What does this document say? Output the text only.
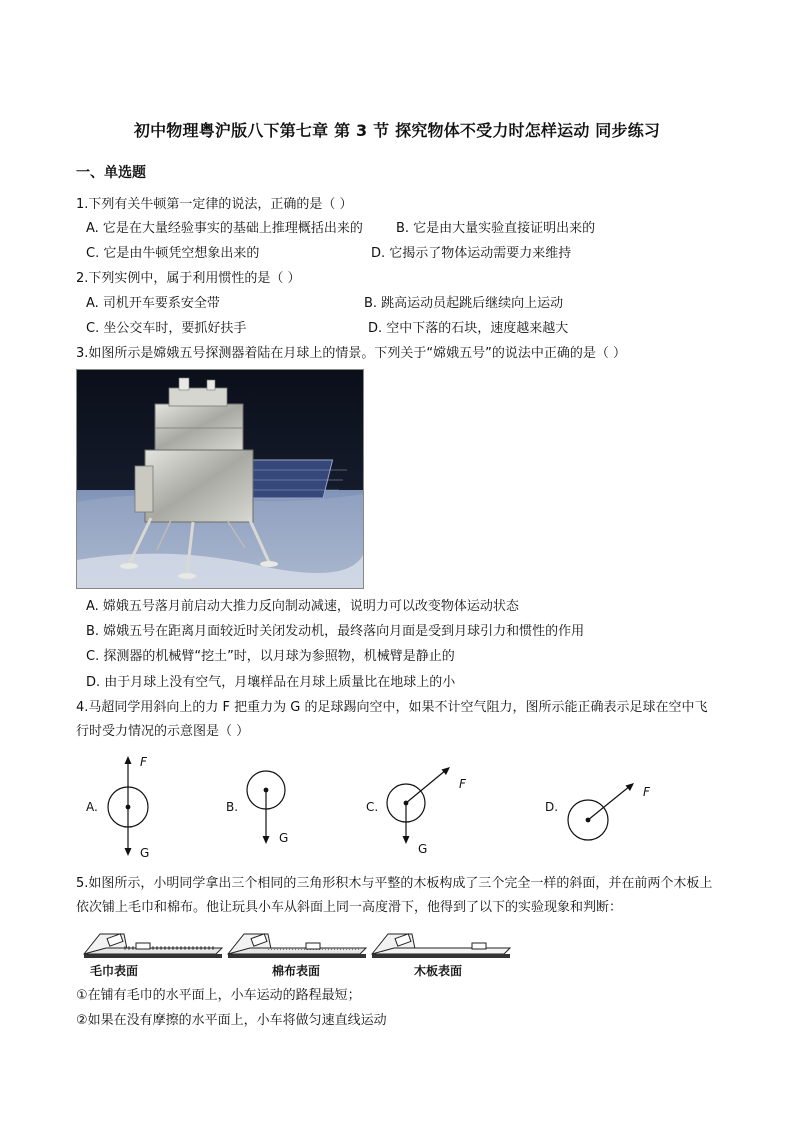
初中物理粤沪版八下第七章 第 3 节 探究物体不受力时怎样运动 同步练习
一、单选题
1.下列有关牛顿第一定律的说法，正确的是（ ）
A. 它是在大量经验事实的基础上推理概括出来的	B. 它是由大量实验直接证明出来的
C. 它是由牛顿凭空想象出来的	D. 它揭示了物体运动需要力来维持
2.下列实例中，属于利用惯性的是（ ）
A. 司机开车要系安全带	B. 跳高运动员起跳后继续向上运动
C. 坐公交车时，要抓好扶手	D. 空中下落的石块，速度越来越大
3.如图所示是嫦娥五号探测器着陆在月球上的情景。下列关于“嫦娥五号”的说法中正确的是（ ）
A. 嫦娥五号落月前启动大推力反向制动减速，说明力可以改变物体运动状态
B. 嫦娥五号在距离月面较近时关闭发动机，最终落向月面是受到月球引力和惯性的作用
C. 探测器的机械臂“挖土”时，以月球为参照物，机械臂是静止的
D. 由于月球上没有空气，月壤样品在月球上质量比在地球上的小
4.马超同学用斜向上的力 F 把重力为 G 的足球踢向空中，如果不计空气阻力，图所示能正确表示足球在空中飞行时受力情况的示意图是（ ）
A.
F
G
B.
G
C.
F
G
D.
F
5.如图所示，小明同学拿出三个相同的三角形积木与平整的木板构成了三个完全一样的斜面，并在前两个木板上依次铺上毛巾和棉布。他让玩具小车从斜面上同一高度滑下，他得到了以下的实验现象和判断：
毛巾表面	棉布表面	木板表面
①在铺有毛巾的水平面上，小车运动的路程最短；
②如果在没有摩擦的水平面上，小车将做匀速直线运动
